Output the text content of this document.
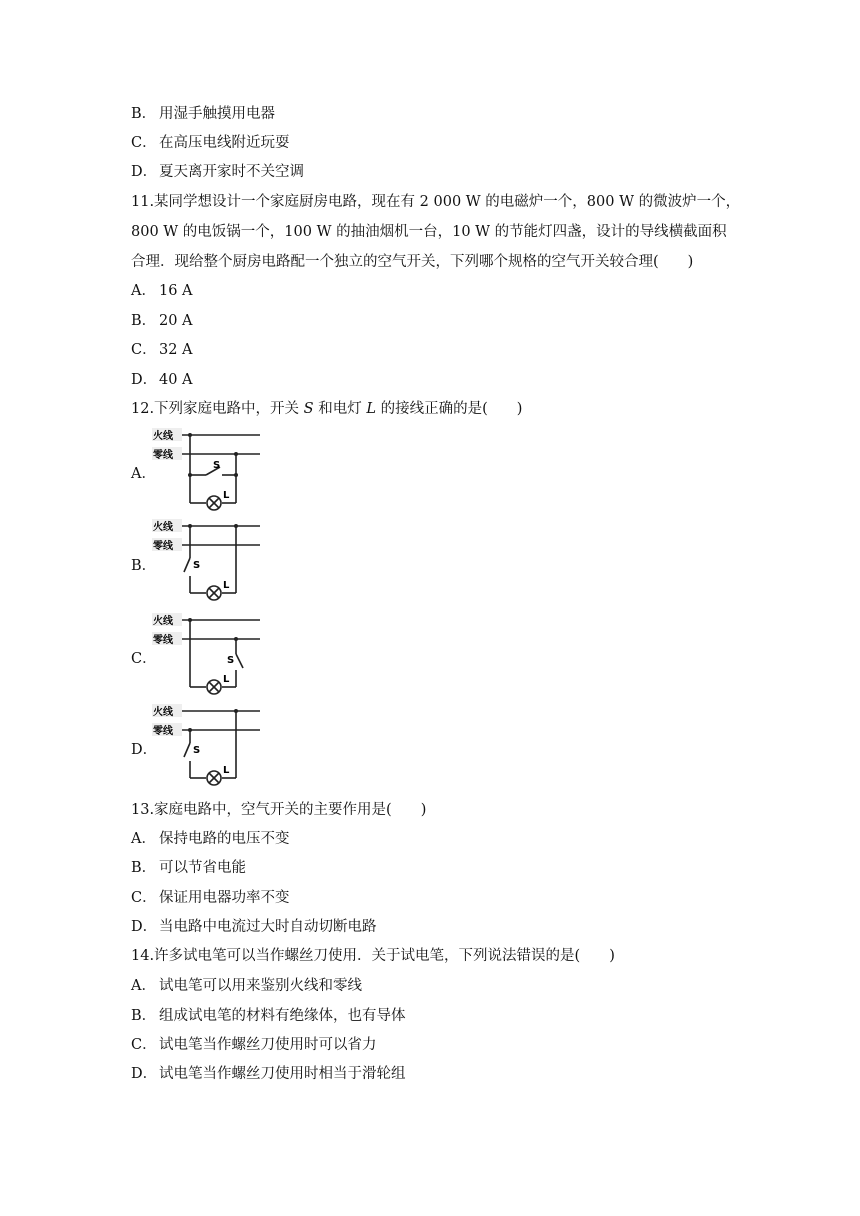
B． 用湿手触摸用电器
C． 在高压电线附近玩耍
D． 夏天离开家时不关空调
11.某同学想设计一个家庭厨房电路，现在有 2 000 W 的电磁炉一个，800 W 的微波炉一个，
800 W 的电饭锅一个，100 W 的抽油烟机一台，10 W 的节能灯四盏，设计的导线横截面积
合理．现给整个厨房电路配一个独立的空气开关，下列哪个规格的空气开关较合理(　　)
A． 16 A
B． 20 A
C． 32 A
D． 40 A
12.下列家庭电路中，开关 S 和电灯 L 的接线正确的是(　　)
A．
火线
零线
S
L
B．
火线
零线
S
L
C．
火线
零线
S
L
D．
火线
零线
S
L
13.家庭电路中，空气开关的主要作用是(　　)
A． 保持电路的电压不变
B． 可以节省电能
C． 保证用电器功率不变
D． 当电路中电流过大时自动切断电路
14.许多试电笔可以当作螺丝刀使用．关于试电笔，下列说法错误的是(　　)
A． 试电笔可以用来鉴别火线和零线
B． 组成试电笔的材料有绝缘体，也有导体
C． 试电笔当作螺丝刀使用时可以省力
D． 试电笔当作螺丝刀使用时相当于滑轮组
